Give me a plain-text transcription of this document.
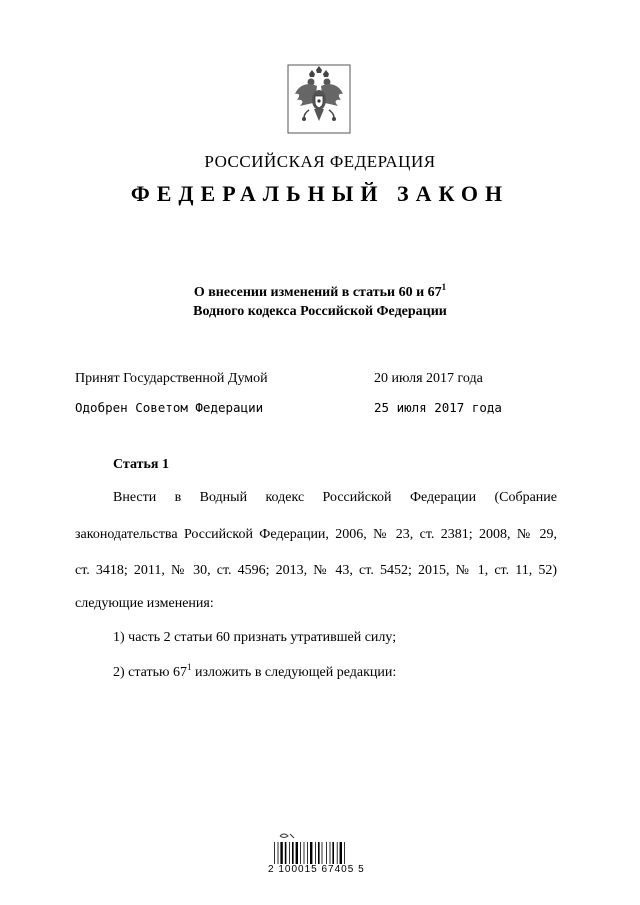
РОССИЙСКАЯ ФЕДЕРАЦИЯ
ФЕДЕРАЛЬНЫЙ ЗАКОН
О внесении изменений в статьи 60 и $67^1$
Водного кодекса Российской Федерации
Принят Государственной Думой	20 июля 2017 года
Одобрен Советом Федерации	25 июля 2017 года
Статья 1
Внести в Водный кодекс Российской Федерации (Собрание
законодательства Российской Федерации, 2006, № 23, ст. 2381; 2008, № 29,
ст. 3418; 2011, № 30, ст. 4596; 2013, № 43, ст. 5452; 2015, № 1, ст. 11, 52)
следующие изменения:
1) часть 2 статьи 60 признать утратившей силу;
2) статью $67^1$ изложить в следующей редакции:
2 100015 67405 5
